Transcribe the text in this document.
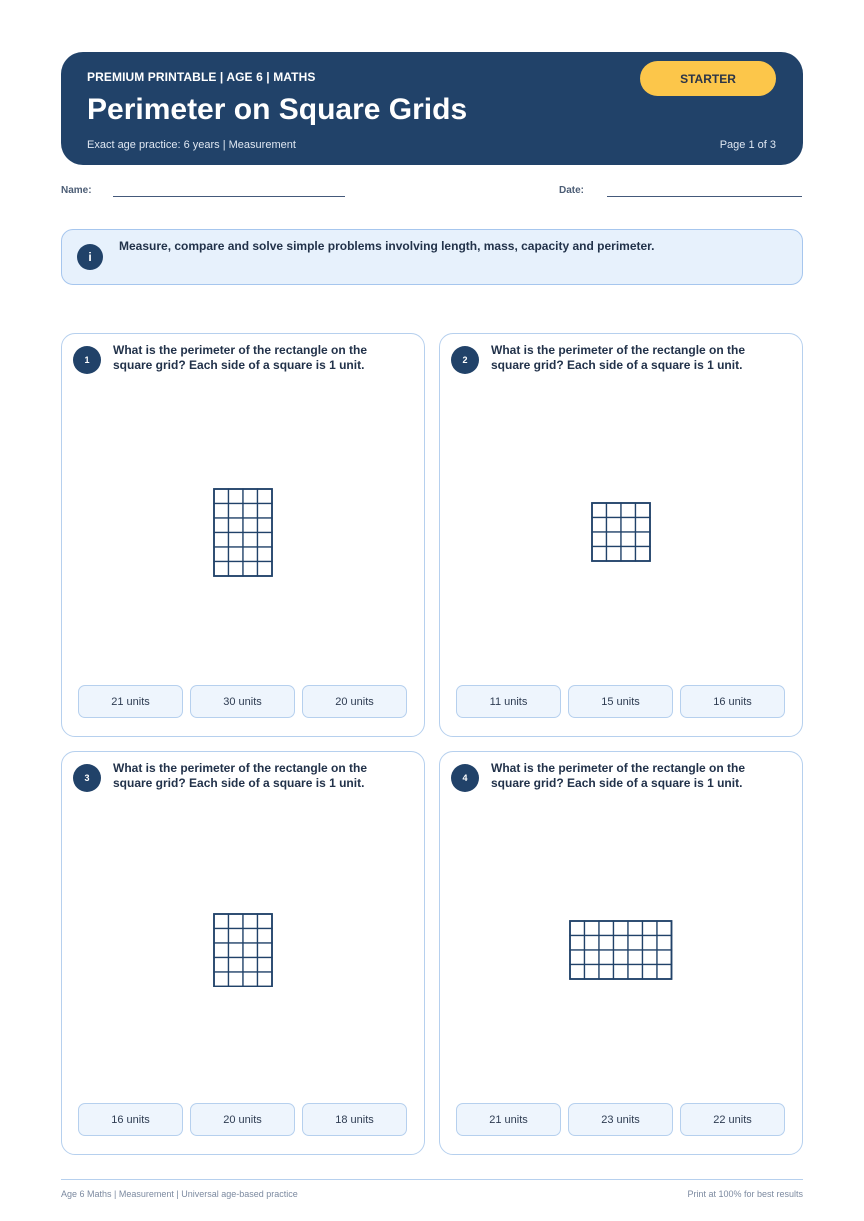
PREMIUM PRINTABLE | AGE 6 | MATHS
Perimeter on Square Grids
Exact age practice: 6 years | Measurement	Page 1 of 3
STARTER
Name:	Date:
i
Measure, compare and solve simple problems involving length, mass, capacity and perimeter.
1
What is the perimeter of the rectangle on the square grid? Each side of a square is 1 unit.
21 units	30 units	20 units
2
What is the perimeter of the rectangle on the square grid? Each side of a square is 1 unit.
11 units	15 units	16 units
3
What is the perimeter of the rectangle on the square grid? Each side of a square is 1 unit.
16 units	20 units	18 units
4
What is the perimeter of the rectangle on the square grid? Each side of a square is 1 unit.
21 units	23 units	22 units
Age 6 Maths | Measurement | Universal age-based practice	Print at 100% for best results
